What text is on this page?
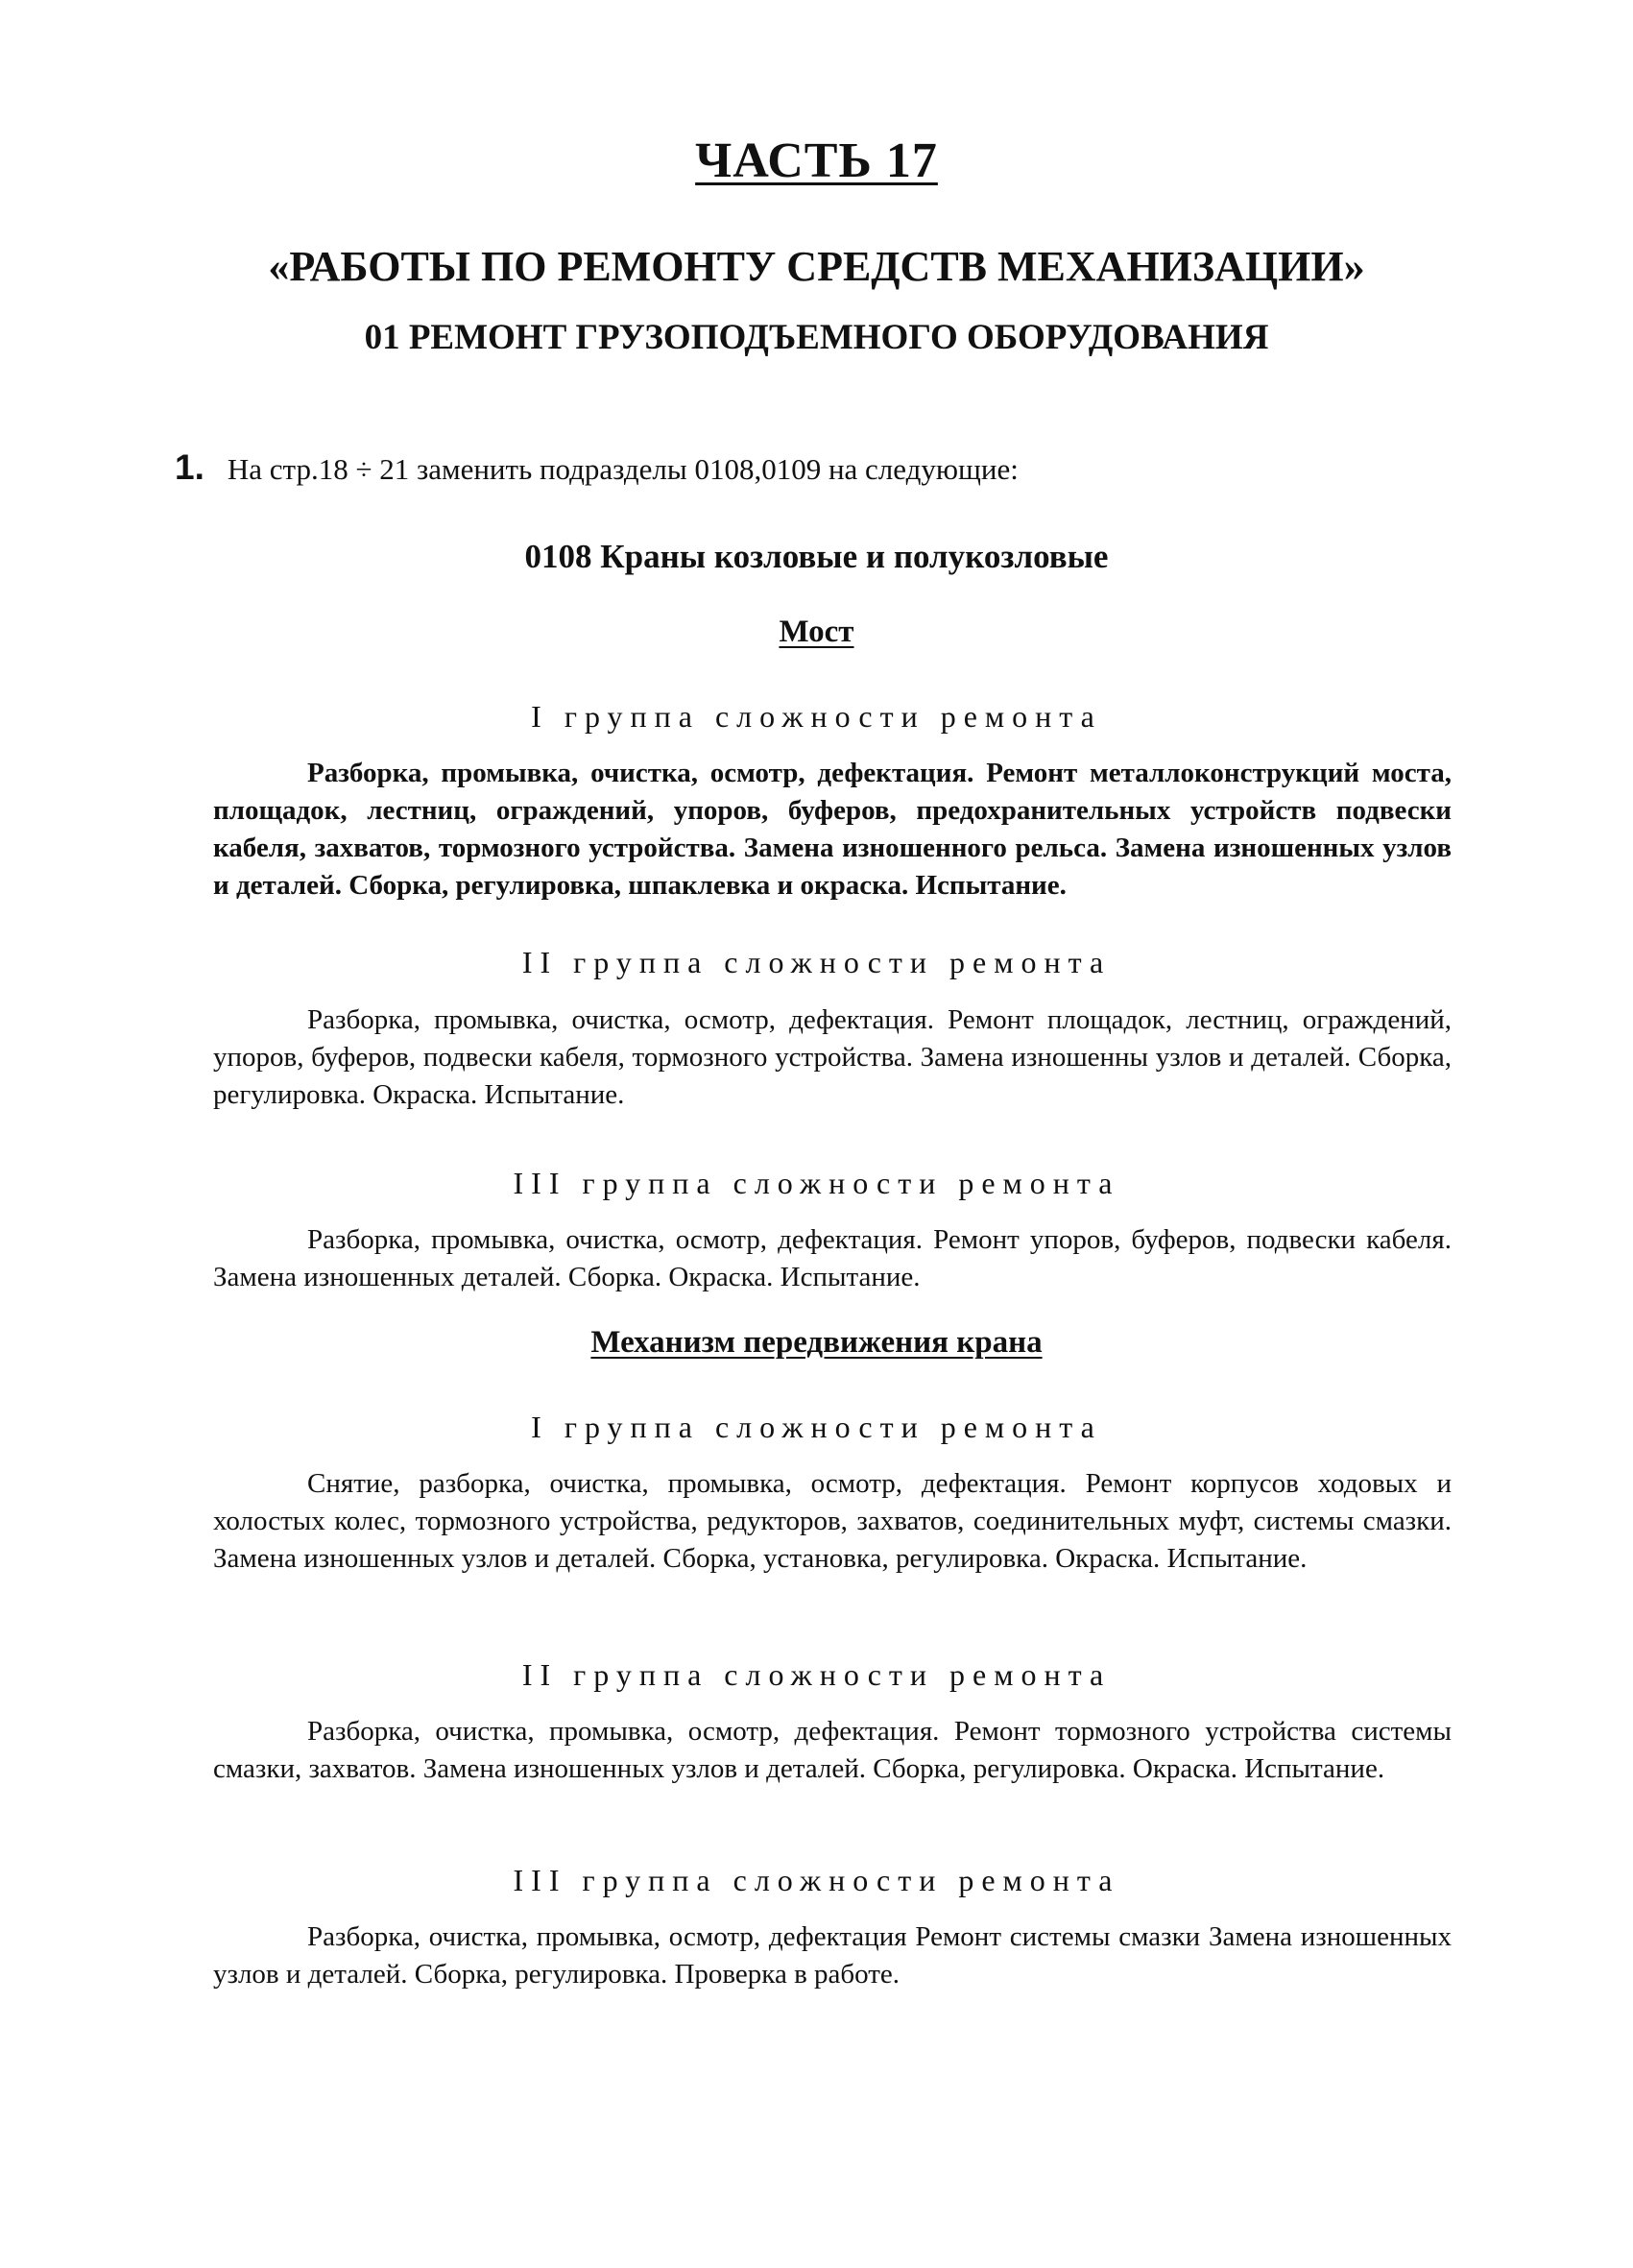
ЧАСТЬ 17
«РАБОТЫ ПО РЕМОНТУ СРЕДСТВ МЕХАНИЗАЦИИ»
01 РЕМОНТ ГРУЗОПОДЪЕМНОГО ОБОРУДОВАНИЯ

1. На стр.18 ÷ 21 заменить подразделы 0108,0109 на следующие:

0108 Краны козловые и полукозловые
Мост
I группа сложности ремонта

Разборка, промывка, очистка, осмотр, дефектация. Ремонт металлоконструкций моста, площадок, лестниц, ограждений, упоров, буферов, предохранительных устройств подвески кабеля, захватов, тормозного устройства. Замена изношенного рельса. Замена изношенных узлов и деталей. Сборка, регулировка, шпаклевка и окраска. Испытание.

II группа сложности ремонта

Разборка, промывка, очистка, осмотр, дефектация. Ремонт площадок, лестниц, ограждений, упоров, буферов, подвески кабеля, тормозного устройства. Замена изношенны узлов и деталей. Сборка, регулировка. Окраска. Испытание.

III группа сложности ремонта

Разборка, промывка, очистка, осмотр, дефектация. Ремонт упоров, буферов, подвески кабеля. Замена изношенных деталей. Сборка. Окраска. Испытание.

Механизм передвижения крана
I группа сложности ремонта

Снятие, разборка, очистка, промывка, осмотр, дефектация. Ремонт корпусов ходовых и холостых колес, тормозного устройства, редукторов, захватов, соединительных муфт, системы смазки. Замена изношенных узлов и деталей. Сборка, установка, регулировка. Окраска. Испытание.

II группа сложности ремонта

Разборка, очистка, промывка, осмотр, дефектация. Ремонт тормозного устройства системы смазки, захватов. Замена изношенных узлов и деталей. Сборка, регулировка. Окраска. Испытание.

III группа сложности ремонта

Разборка, очистка, промывка, осмотр, дефектация Ремонт системы смазки Замена изношенных узлов и деталей. Сборка, регулировка. Проверка в работе.
